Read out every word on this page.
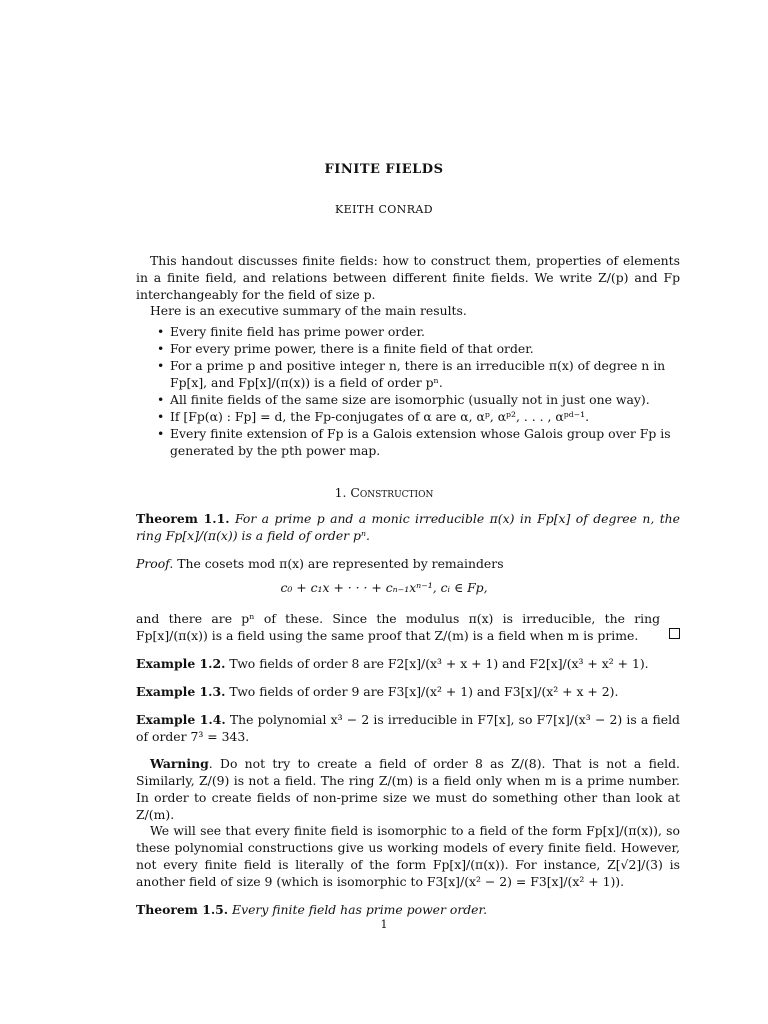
FINITE FIELDS
KEITH CONRAD
This handout discusses finite fields: how to construct them, properties of elements in a finite field, and relations between different finite fields. We write Z/(p) and Fp interchangeably for the field of size p.
Here is an executive summary of the main results.
• Every finite field has prime power order.
• For every prime power, there is a finite field of that order.
• For a prime p and positive integer n, there is an irreducible π(x) of degree n in Fp[x], and Fp[x]/(π(x)) is a field of order pⁿ.
• All finite fields of the same size are isomorphic (usually not in just one way).
• If [Fp(α) : Fp] = d, the Fp-conjugates of α are α, αᵖ, αᵖ², . . . , αᵖᵈ⁻¹.
• Every finite extension of Fp is a Galois extension whose Galois group over Fp is generated by the pth power map.
1. Construction
Theorem 1.1. For a prime p and a monic irreducible π(x) in Fp[x] of degree n, the ring Fp[x]/(π(x)) is a field of order pⁿ.
Proof. The cosets mod π(x) are represented by remainders
c₀ + c₁x + · · · + cₙ₋₁xⁿ⁻¹, cᵢ ∈ Fp,
and there are pⁿ of these. Since the modulus π(x) is irreducible, the ring Fp[x]/(π(x)) is a field using the same proof that Z/(m) is a field when m is prime.
Example 1.2. Two fields of order 8 are F2[x]/(x³ + x + 1) and F2[x]/(x³ + x² + 1).
Example 1.3. Two fields of order 9 are F3[x]/(x² + 1) and F3[x]/(x² + x + 2).
Example 1.4. The polynomial x³ − 2 is irreducible in F7[x], so F7[x]/(x³ − 2) is a field of order 7³ = 343.
Warning. Do not try to create a field of order 8 as Z/(8). That is not a field. Similarly, Z/(9) is not a field. The ring Z/(m) is a field only when m is a prime number. In order to create fields of non-prime size we must do something other than look at Z/(m).
We will see that every finite field is isomorphic to a field of the form Fp[x]/(π(x)), so these polynomial constructions give us working models of every finite field. However, not every finite field is literally of the form Fp[x]/(π(x)). For instance, Z[√2]/(3) is another field of size 9 (which is isomorphic to F3[x]/(x² − 2) = F3[x]/(x² + 1)).
Theorem 1.5. Every finite field has prime power order.
1
